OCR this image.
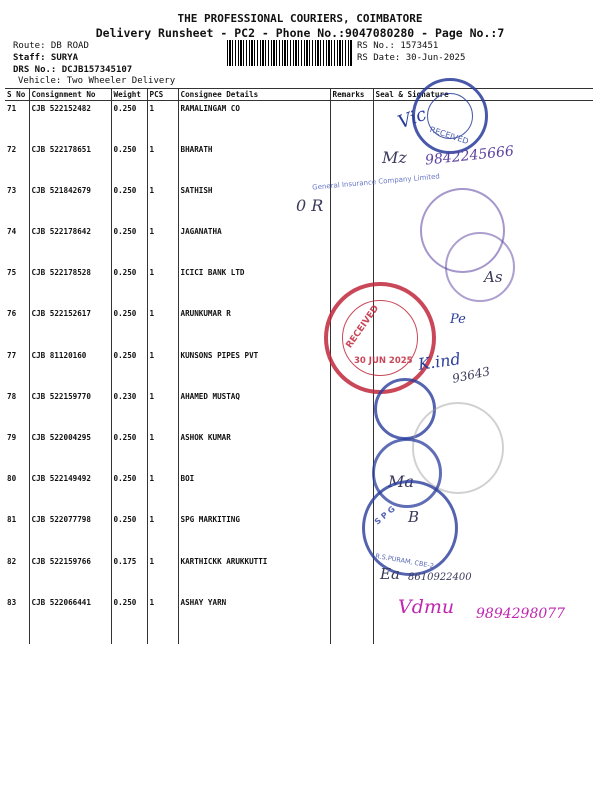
THE PROFESSIONAL COURIERS, COIMBATORE
Delivery Runsheet - PC2 - Phone No.:9047080280 - Page No.:7
Route: DB ROAD
Staff: SURYA
DRS No.: DCJB157345107
Vehicle: Two Wheeler Delivery
RS No.: 1573451
RS Date: 30-Jun-2025
S No	Consignment No	Weight	PCS	Consignee Details	Remarks	Seal & Signature
71	CJB 522152482	0.250	1	RAMALINGAM CO		
72	CJB 522178651	0.250	1	BHARATH		
73	CJB 521842679	0.250	1	SATHISH		
74	CJB 522178642	0.250	1	JAGANATHA		
75	CJB 522178528	0.250	1	ICICI BANK LTD		
76	CJB 522152617	0.250	1	ARUNKUMAR R		
77	CJB 81120160	0.250	1	KUNSONS PIPES PVT		
78	CJB 522159770	0.230	1	AHAMED MUSTAQ		
79	CJB 522004295	0.250	1	ASHOK KUMAR		
80	CJB 522149492	0.250	1	BOI		
81	CJB 522077798	0.250	1	SPG MARKITING		
82	CJB 522159766	0.175	1	KARTHICKK ARUKKUTTI		
83	CJB 522066441	0.250	1	ASHAY YARN		

RECEIVED
Vic
Mz 9842245666
General Insurance Company Limited
0 R
As
RECEIVED
30 JUN 2025
Pe
K.ind
93643
Ma
S P G
R.S.PURAM, CBE-2
B
Ea 8610922400
Vdmu 9894298077
